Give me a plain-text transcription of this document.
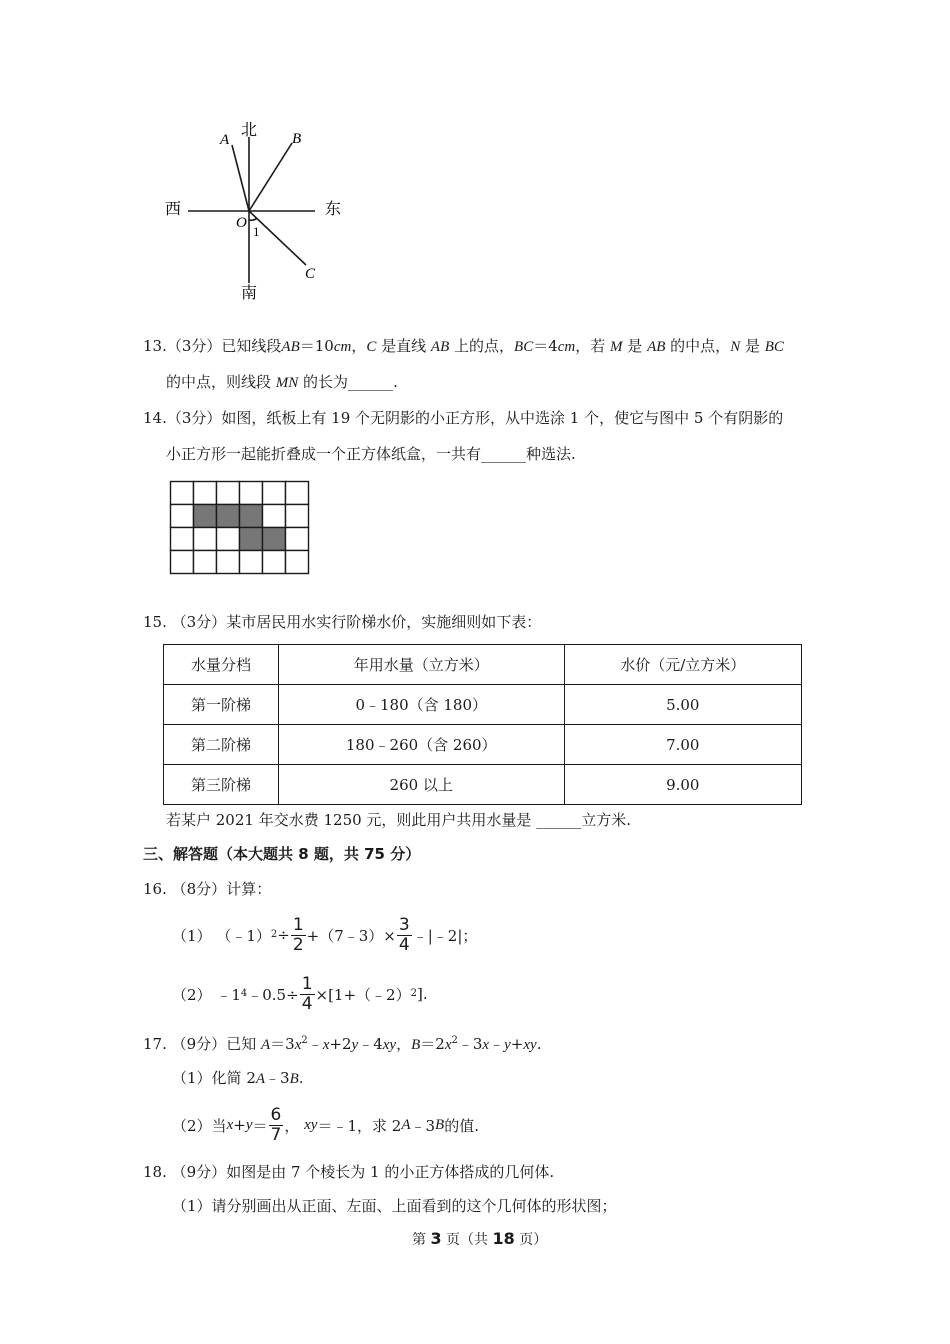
北
南
西	东
A	B
C
O
1
13.（3分）已知线段AB＝10cm，C 是直线 AB 上的点，BC＝4cm，若 M 是 AB 的中点，N 是 BC
的中点，则线段 MN 的长为______.
14.（3分）如图，纸板上有 19 个无阴影的小正方形，从中选涂 1 个，使它与图中 5 个有阴影的
小正方形一起能折叠成一个正方体纸盒，一共有______种选法.
15. （3分）某市居民用水实行阶梯水价，实施细则如下表：
水量分档	年用水量（立方米）	水价（元/立方米）
第一阶梯	0﹣180（含 180）	5.00
第二阶梯	180﹣260（含 260）	7.00
第三阶梯	260 以上	9.00
若某户 2021 年交水费 1250 元，则此用户共用水量是 ______立方米.
三、解答题（本大题共 8 题，共 75 分）
16. （8分）计算：
（1）
（﹣1） $2 \div \frac{1}{2}$ +（7﹣3）× $\frac{3}{4}$ ﹣|﹣2|；
（2）
﹣1 4 ﹣0.5÷ $\frac{1}{4}$ ×[1+（﹣2） 2 ].
17. （9分）已知 $A=3x^2﹣x+2y﹣4xy$，$B=2x^2﹣3x﹣y+xy$.
（1）化简 2A﹣3B.
（2） 当 $x + y = \frac{6}{7}$ ，
xy ＝﹣1，求 2 A ﹣3 B 的值.
18. （9分）如图是由 7 个棱长为 1 的小正方体搭成的几何体.
（1）请分别画出从正面、左面、上面看到的这个几何体的形状图；
第 3 页（共 18 页）
